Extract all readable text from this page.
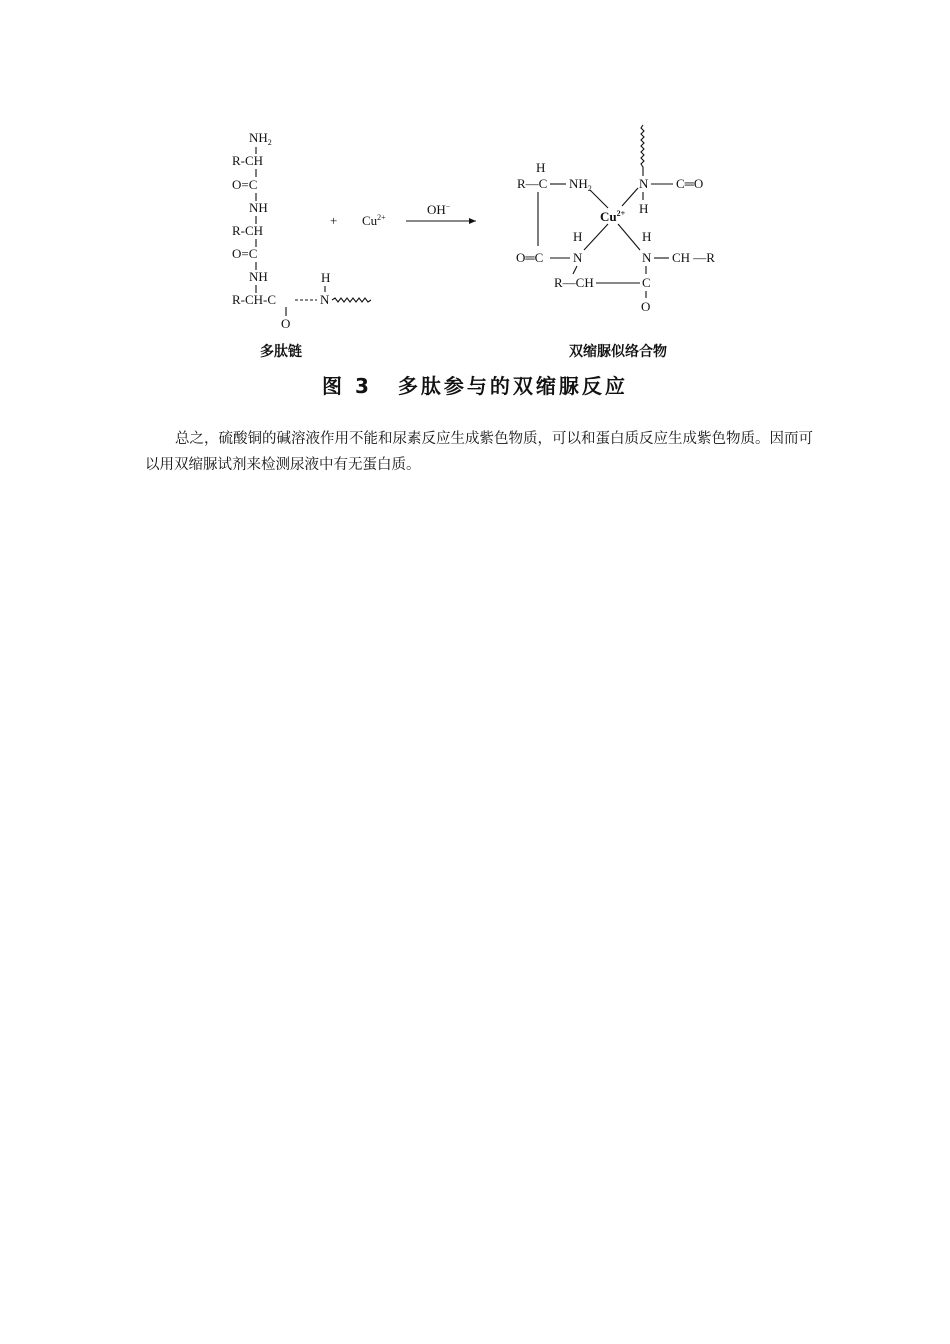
$NH_2$
R-CH
O=C
NH
R-CH
O=C
NH
R-CH-C
O
H
N
+ $Cu^{2+}$
OH−
H
R—C $NH_2$	N C═O
H
$Cu^{2+}$
O═C
H
N
R—CH
H
N CH —R
C
O
多肽链	双缩脲似络合物
图 3 多肽参与的双缩脲反应

总之，硫酸铜的碱溶液作用不能和尿素反应生成紫色物质，可以和蛋白质反应生成紫色物质。因而可以用双缩脲试剂来检测尿液中有无蛋白质。
